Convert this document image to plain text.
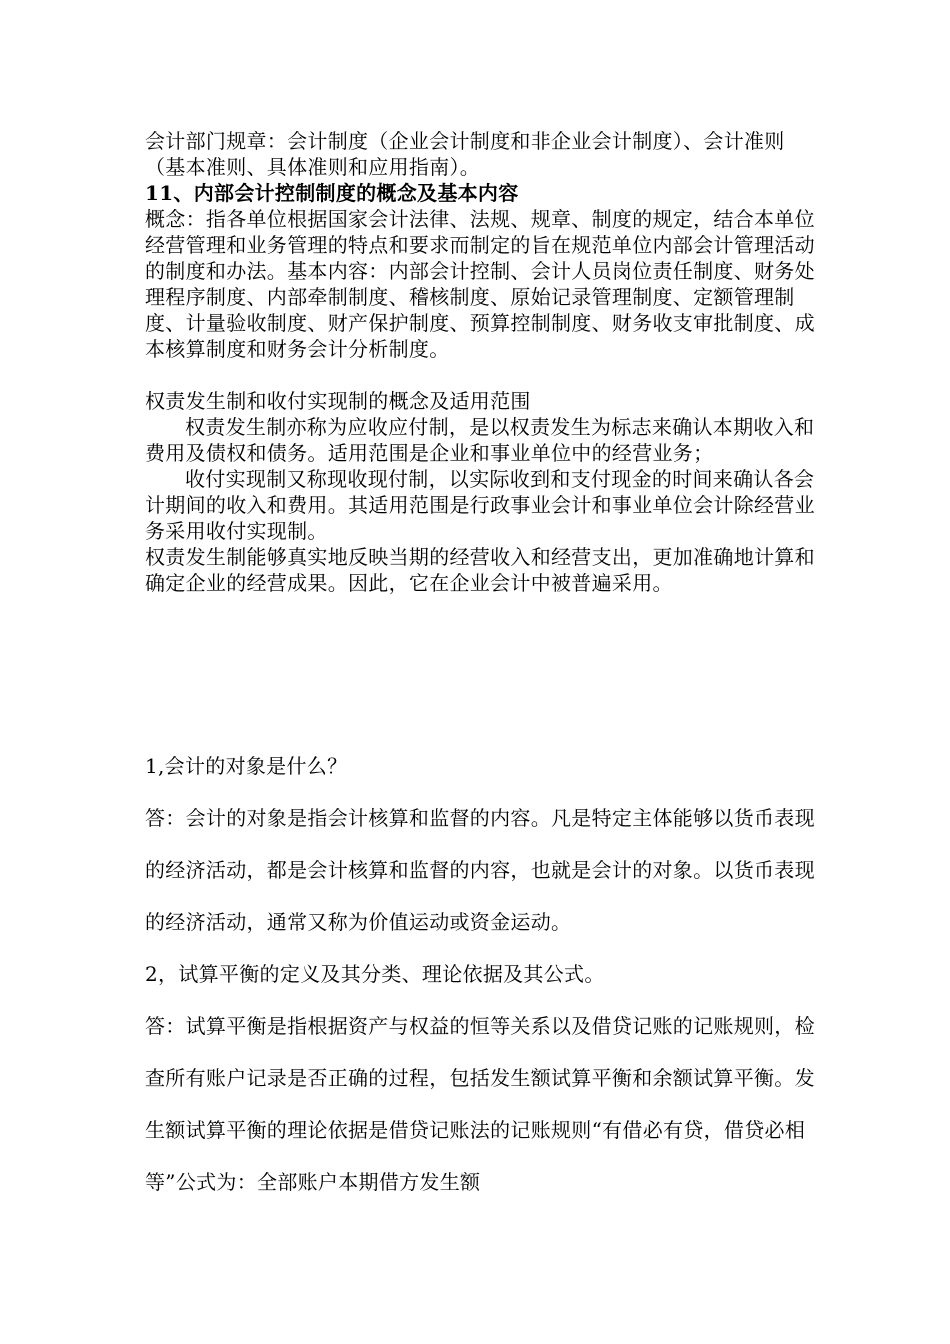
会计部门规章：会计制度（企业会计制度和非企业会计制度）、会计准则（基本准则、具体准则和应用指南）。

11、内部会计控制制度的概念及基本内容

概念：指各单位根据国家会计法律、法规、规章、制度的规定，结合本单位经营管理和业务管理的特点和要求而制定的旨在规范单位内部会计管理活动的制度和办法。基本内容：内部会计控制、会计人员岗位责任制度、财务处理程序制度、内部牵制制度、稽核制度、原始记录管理制度、定额管理制度、计量验收制度、财产保护制度、预算控制制度、财务收支审批制度、成本核算制度和财务会计分析制度。

权责发生制和收付实现制的概念及适用范围

权责发生制亦称为应收应付制，是以权责发生为标志来确认本期收入和费用及债权和债务。适用范围是企业和事业单位中的经营业务；

收付实现制又称现收现付制，以实际收到和支付现金的时间来确认各会计期间的收入和费用。其适用范围是行政事业会计和事业单位会计除经营业务采用收付实现制。

权责发生制能够真实地反映当期的经营收入和经营支出，更加准确地计算和确定企业的经营成果。因此，它在企业会计中被普遍采用。

1,会计的对象是什么？

答：会计的对象是指会计核算和监督的内容。凡是特定主体能够以货币表现的经济活动，都是会计核算和监督的内容，也就是会计的对象。以货币表现的经济活动，通常又称为价值运动或资金运动。

2，试算平衡的定义及其分类、理论依据及其公式。

答：试算平衡是指根据资产与权益的恒等关系以及借贷记账的记账规则，检查所有账户记录是否正确的过程，包括发生额试算平衡和余额试算平衡。发生额试算平衡的理论依据是借贷记账法的记账规则“有借必有贷，借贷必相等”公式为：全部账户本期借方发生额
